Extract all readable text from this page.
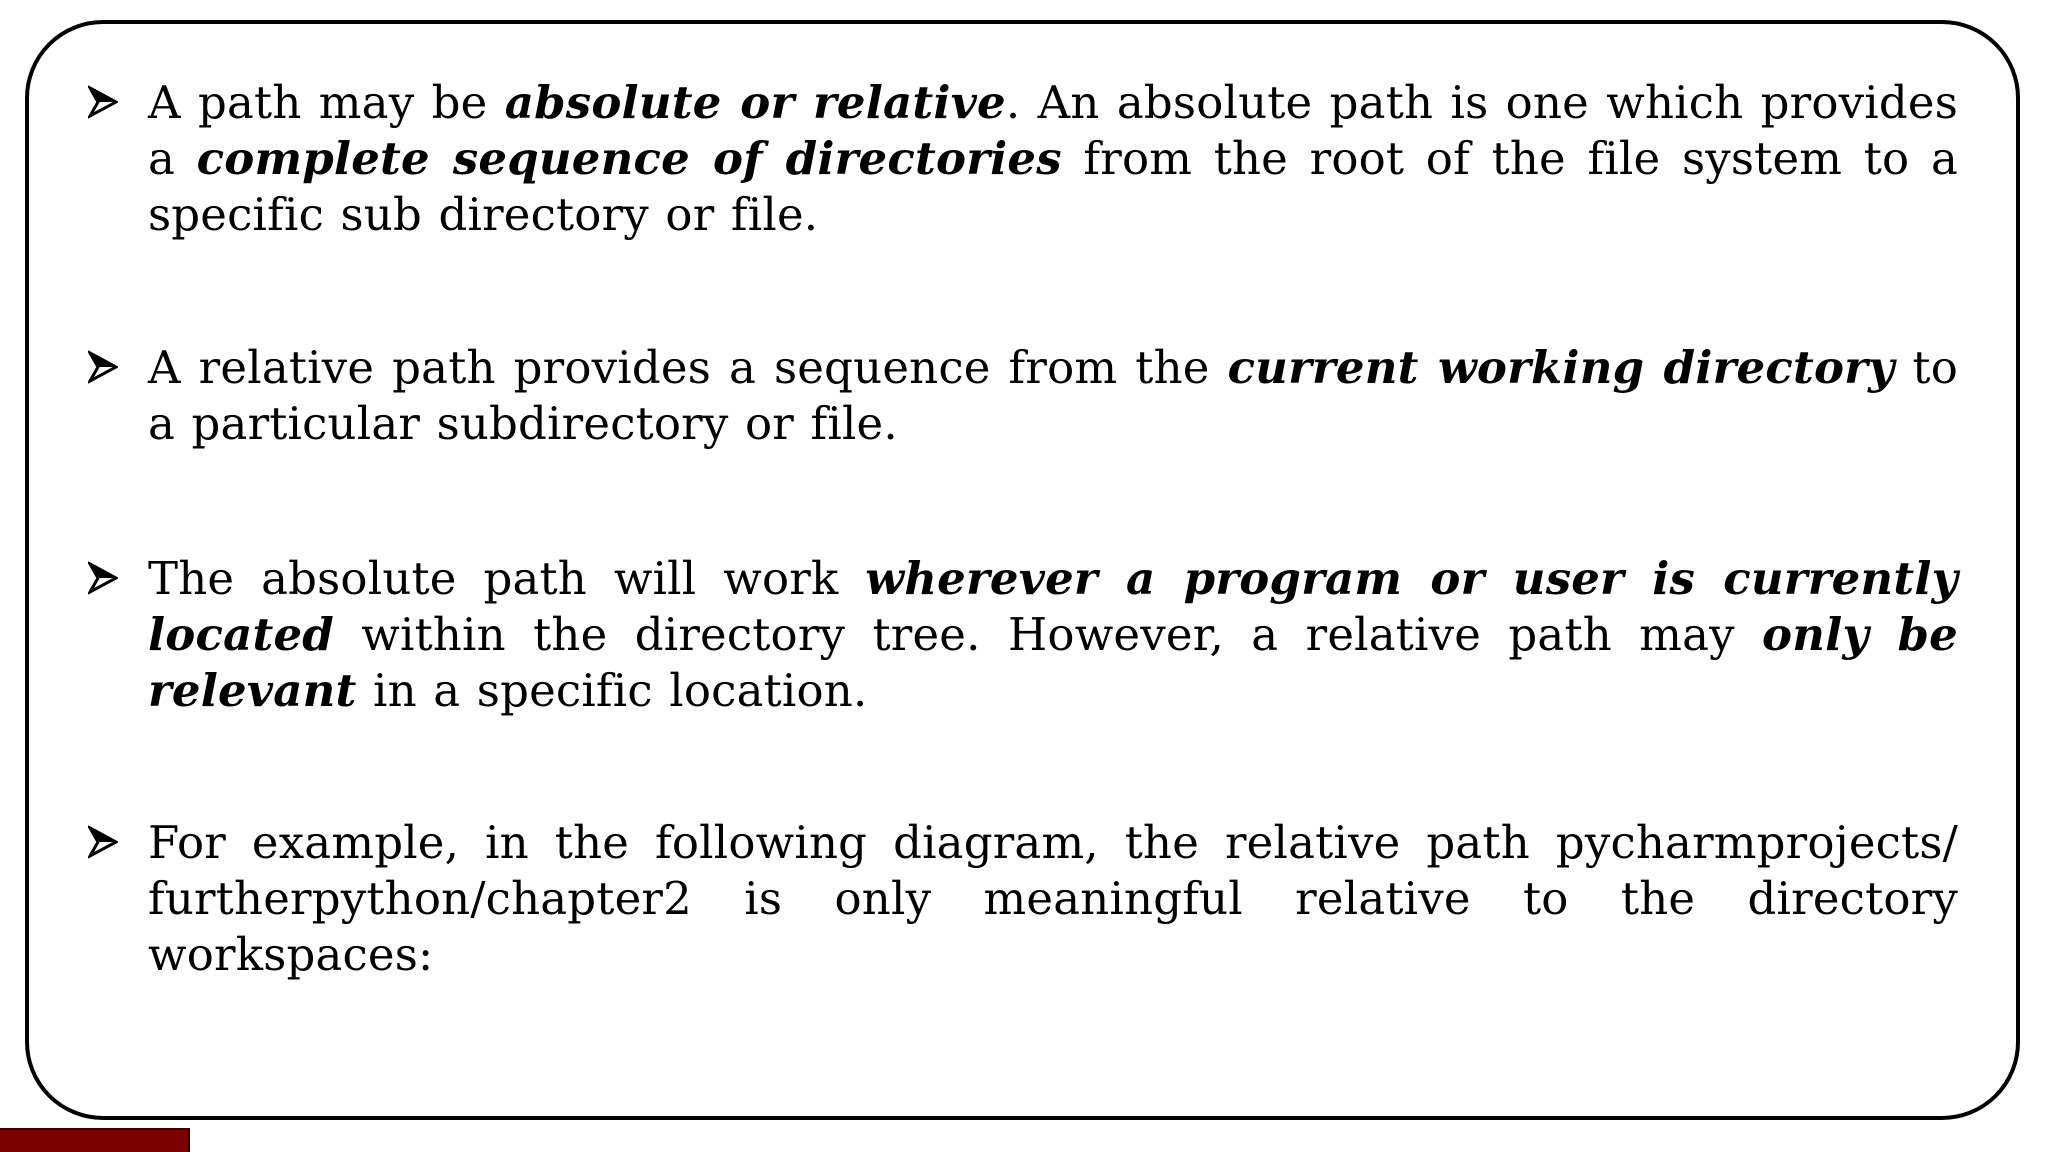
A path may be absolute or relative. An absolute path is one which provides a complete sequence of directories from the root of the file system to a specific sub directory or file.

A relative path provides a sequence from the current working directory to a particular subdirectory or file.

The absolute path will work wherever a program or user is currently located within the directory tree. However, a relative path may only be relevant in a specific location.

For example, in the following diagram, the relative path pycharmprojects/ furtherpython/chapter2 is only meaningful relative to the directory workspaces:
